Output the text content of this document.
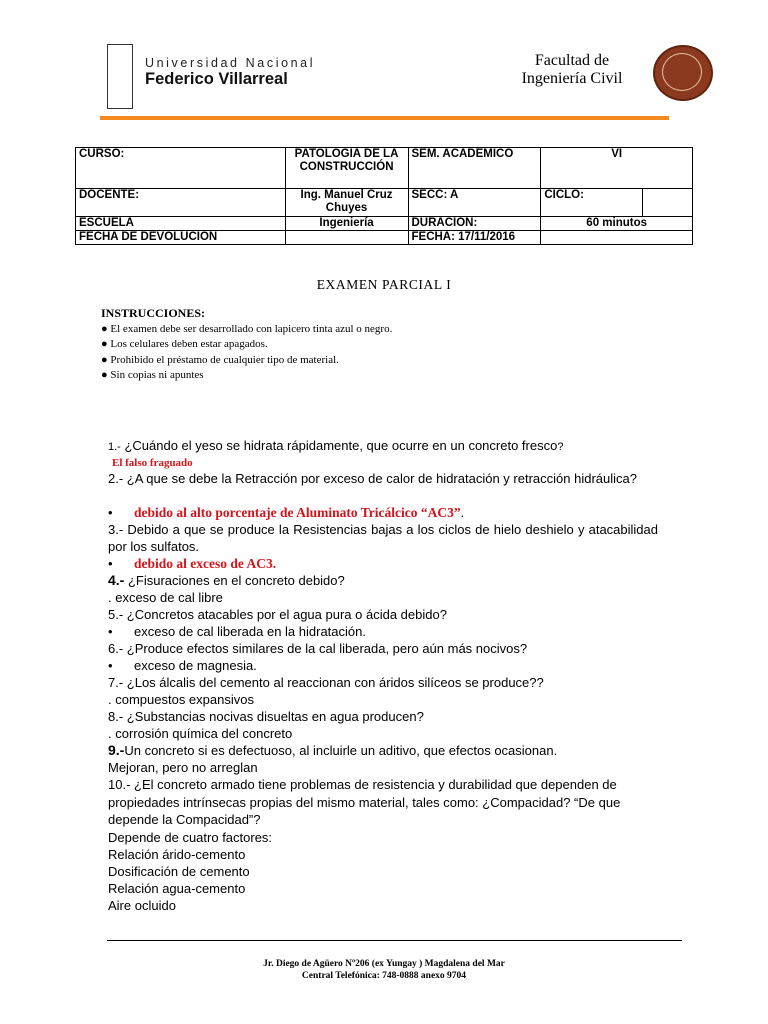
Universidad Nacional
Federico Villarreal
Facultad de
Ingeniería Civil
CURSO:	PATOLOGIA DE LA CONSTRUCCIÓN	SEM. ACADEMICO	VI	
DOCENTE:	Ing. Manuel Cruz Chuyes	SECC: A	CICLO:	
ESCUELA	Ingeniería	DURACION:	60 minutos	
FECHA DE DEVOLUCION		FECHA: 17/11/2016		
EXAMEN PARCIAL I
INSTRUCCIONES:
● El examen debe ser desarrollado con lapicero tinta azul o negro.
● Los celulares deben estar apagados.
● Prohibido el préstamo de cualquier tipo de material.
● Sin copias ni apuntes

1.- ¿Cuándo el yeso se hidrata rápidamente, que ocurre en un concreto fresco?

El falso fraguado

2.- ¿A que se debe la Retracción por exceso de calor de hidratación y retracción hidráulica?

• debido al alto porcentaje de Aluminato Tricálcico “AC3”.

3.- Debido a que se produce la Resistencias bajas a los ciclos de hielo deshielo y atacabilidad por los sulfatos.

• debido al exceso de AC3.

4.- ¿Fisuraciones en el concreto debido?

. exceso de cal libre

5.- ¿Concretos atacables por el agua pura o ácida debido?

• exceso de cal liberada en la hidratación.

6.- ¿Produce efectos similares de la cal liberada, pero aún más nocivos?

• exceso de magnesia.

7.- ¿Los álcalis del cemento al reaccionan con áridos silíceos se produce??

. compuestos expansivos

8.- ¿Substancias nocivas disueltas en agua producen?

. corrosión química del concreto

9.-Un concreto si es defectuoso, al incluirle un aditivo, que efectos ocasionan.

Mejoran, pero no arreglan

10.- ¿El concreto armado tiene problemas de resistencia y durabilidad que dependen de propiedades intrínsecas propias del mismo material, tales como: ¿Compacidad? “De que depende la Compacidad”?

Depende de cuatro factores:

Relación árido-cemento

Dosificación de cemento

Relación agua-cemento

Aire ocluido

Jr. Diego de Agüero Nº206 (ex Yungay ) Magdalena del Mar
Central Telefónica: 748-0888 anexo 9704
